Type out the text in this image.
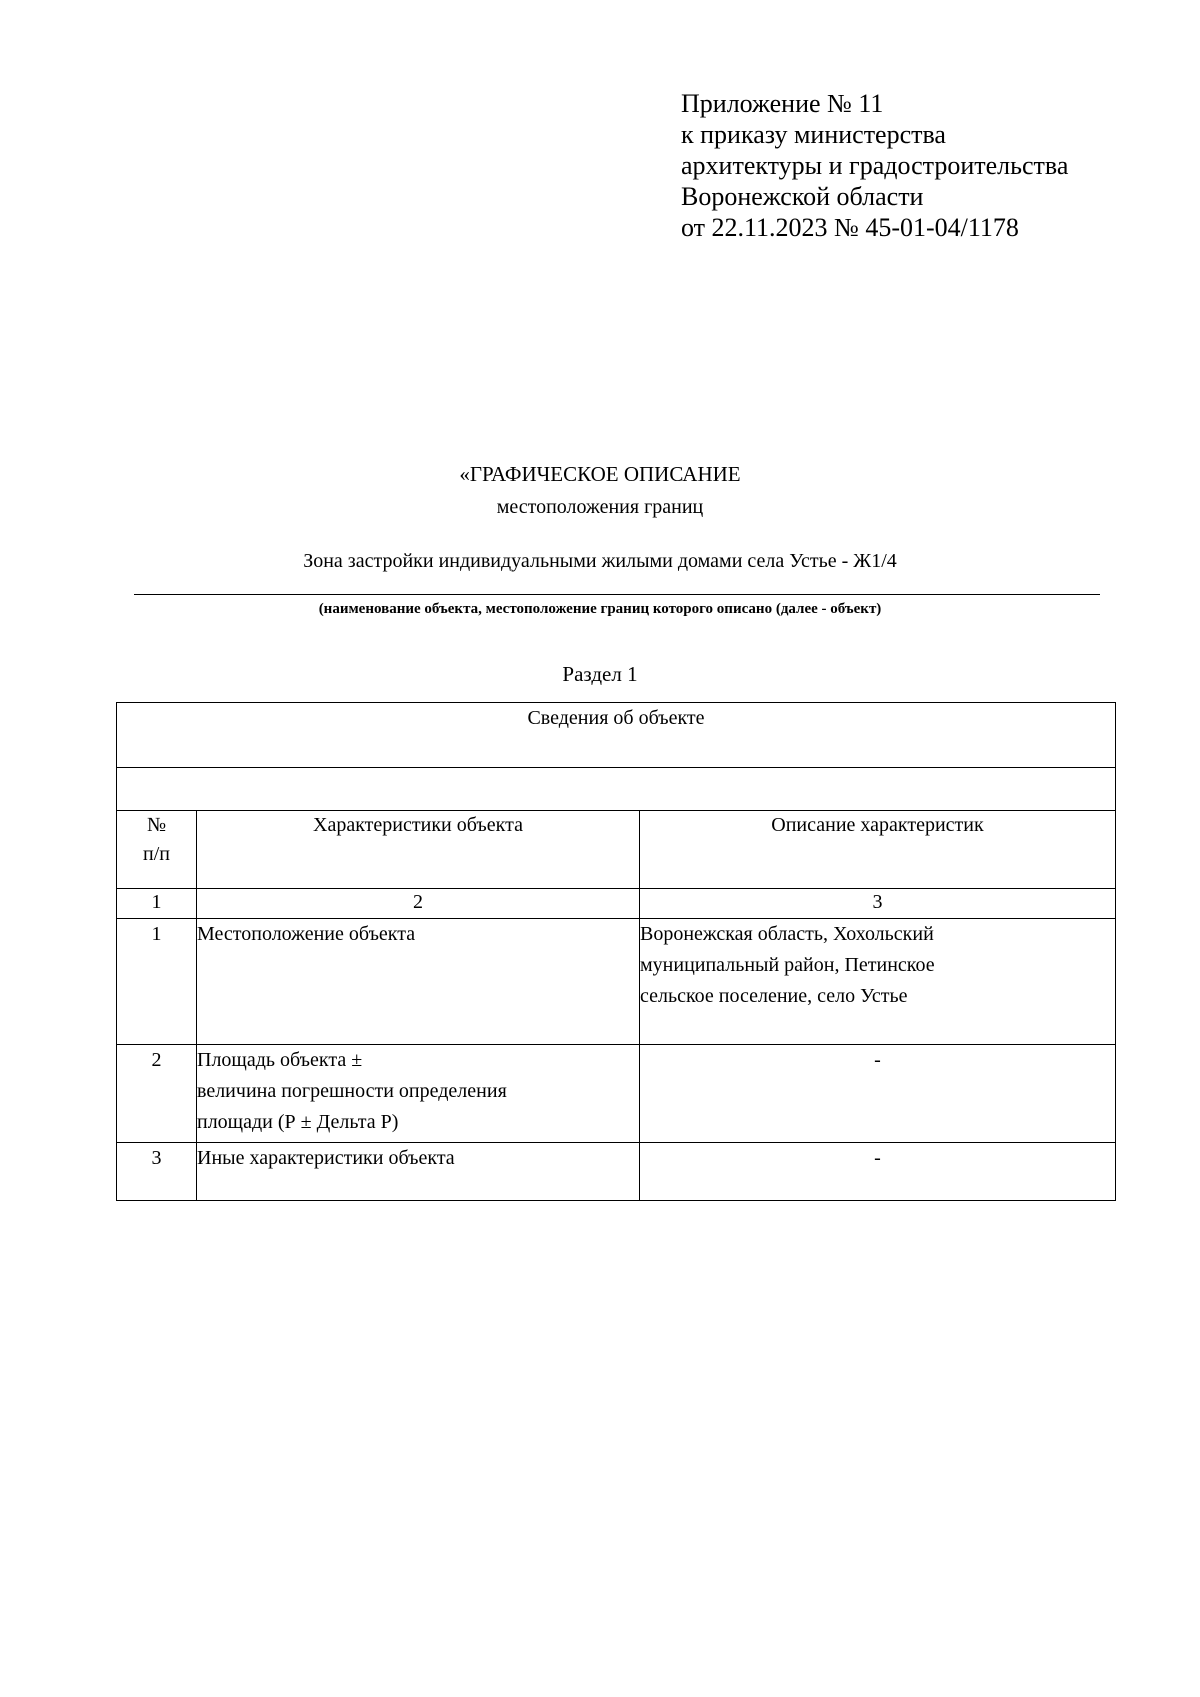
Приложение № 11
к приказу министерства
архитектуры и градостроительства
Воронежской области
от 22.11.2023 № 45-01-04/1178
«ГРАФИЧЕСКОЕ ОПИСАНИЕ
местоположения границ
Зона застройки индивидуальными жилыми домами села Устье - Ж1/4
(наименование объекта, местоположение границ которого описано (далее - объект)
Раздел 1
Сведения об объекте		

№
п/п	Характеристики объекта	Описание характеристик
1	2	3
1	Местоположение объекта	Воронежская область, Хохольский
муниципальный район, Петинское
сельское поселение, село Устье

2	Площадь объекта ±
величина погрешности определения
площади (Р ± Дельта Р)	-
3	Иные характеристики объекта	-
